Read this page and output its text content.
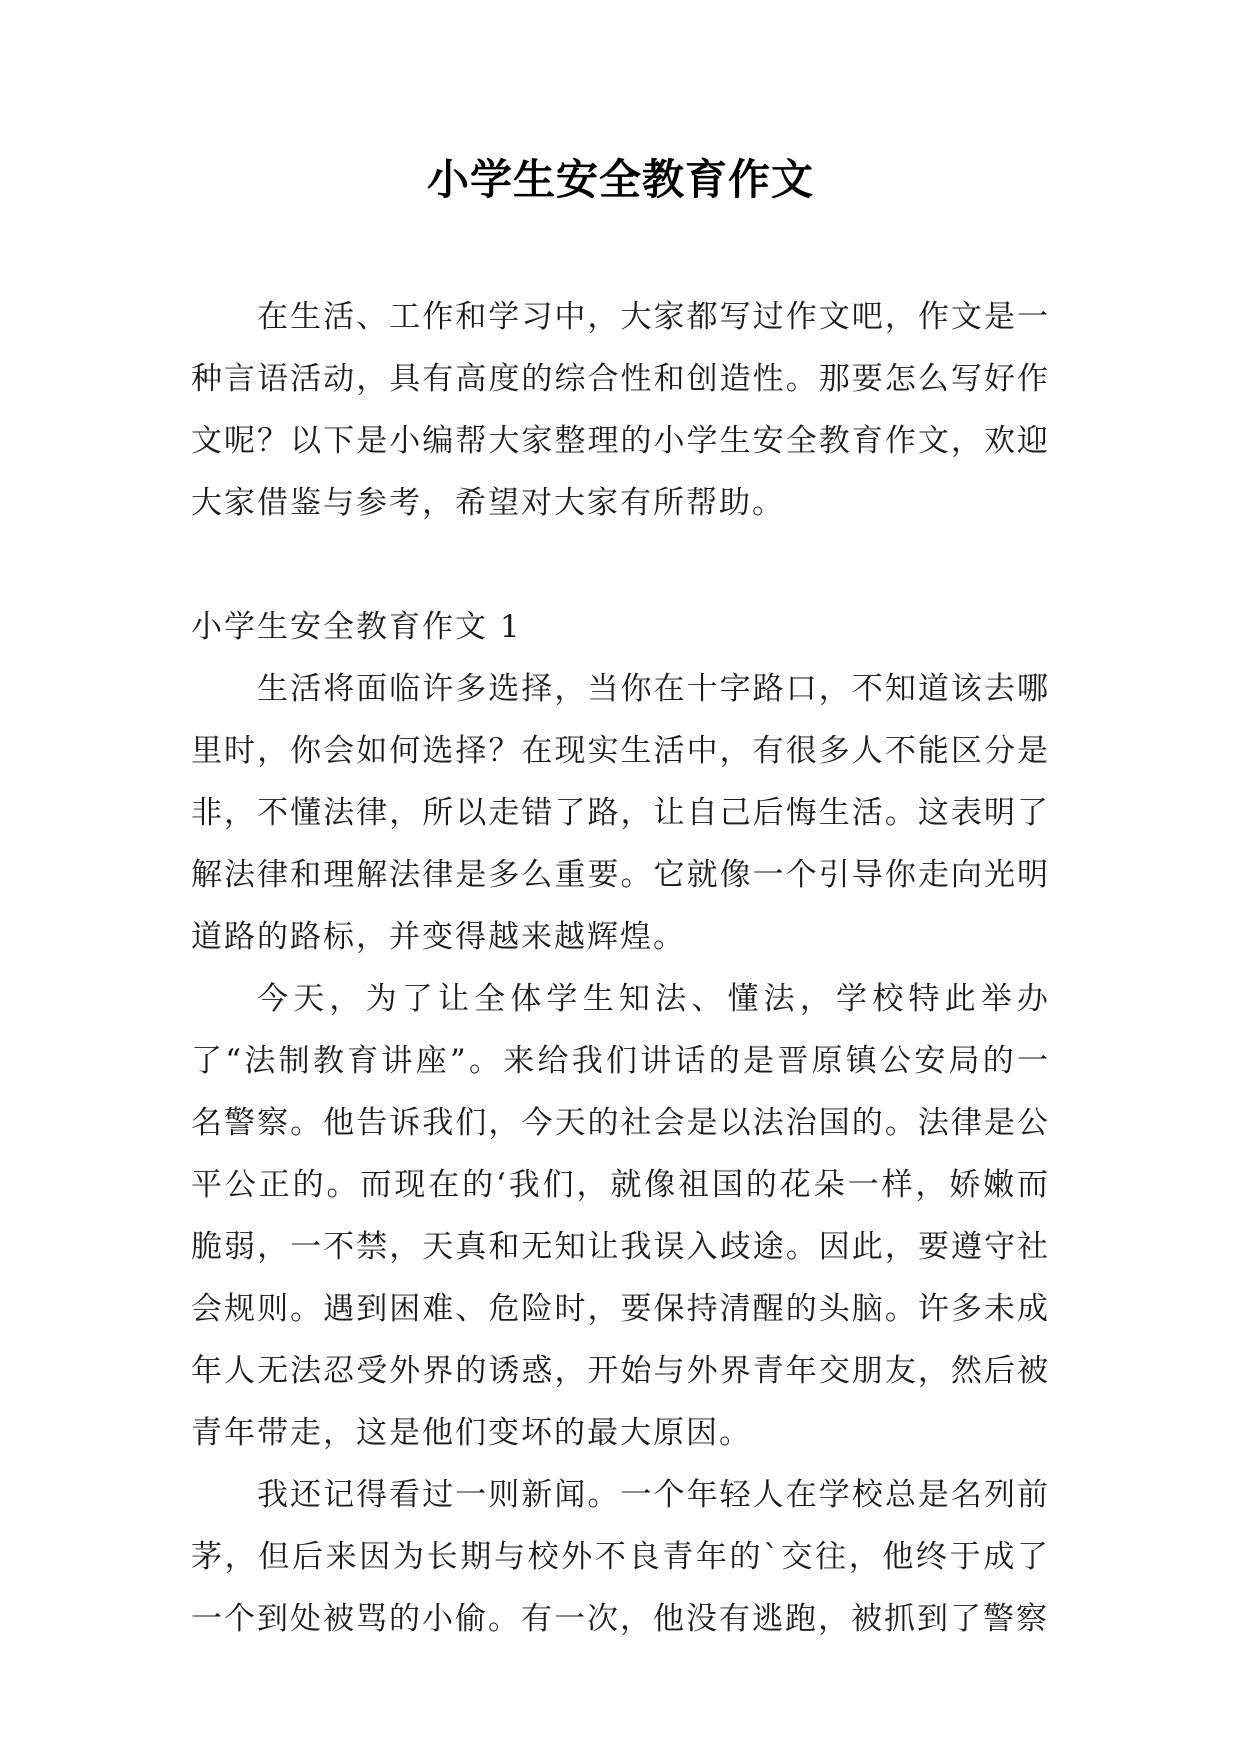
小学生安全教育作文

在生活、工作和学习中，大家都写过作文吧，作文是一种言语活动，具有高度的综合性和创造性。那要怎么写好作文呢？以下是小编帮大家整理的小学生安全教育作文，欢迎大家借鉴与参考，希望对大家有所帮助。

小学生安全教育作文 1

生活将面临许多选择，当你在十字路口，不知道该去哪里时，你会如何选择？在现实生活中，有很多人不能区分是非，不懂法律，所以走错了路，让自己后悔生活。这表明了解法律和理解法律是多么重要。它就像一个引导你走向光明道路的路标，并变得越来越辉煌。

今天，为了让全体学生知法、懂法，学校特此举办了“法制教育讲座”。来给我们讲话的是晋原镇公安局的一名警察。他告诉我们，今天的社会是以法治国的。法律是公平公正的。而现在的‘我们，就像祖国的花朵一样，娇嫩而脆弱，一不禁，天真和无知让我误入歧途。因此，要遵守社会规则。遇到困难、危险时，要保持清醒的头脑。许多未成年人无法忍受外界的诱惑，开始与外界青年交朋友，然后被青年带走，这是他们变坏的最大原因。

我还记得看过一则新闻。一个年轻人在学校总是名列前茅，但后来因为长期与校外不良青年的`交往，他终于成了一个到处被骂的小偷。有一次，他没有逃跑，被抓到了警察
